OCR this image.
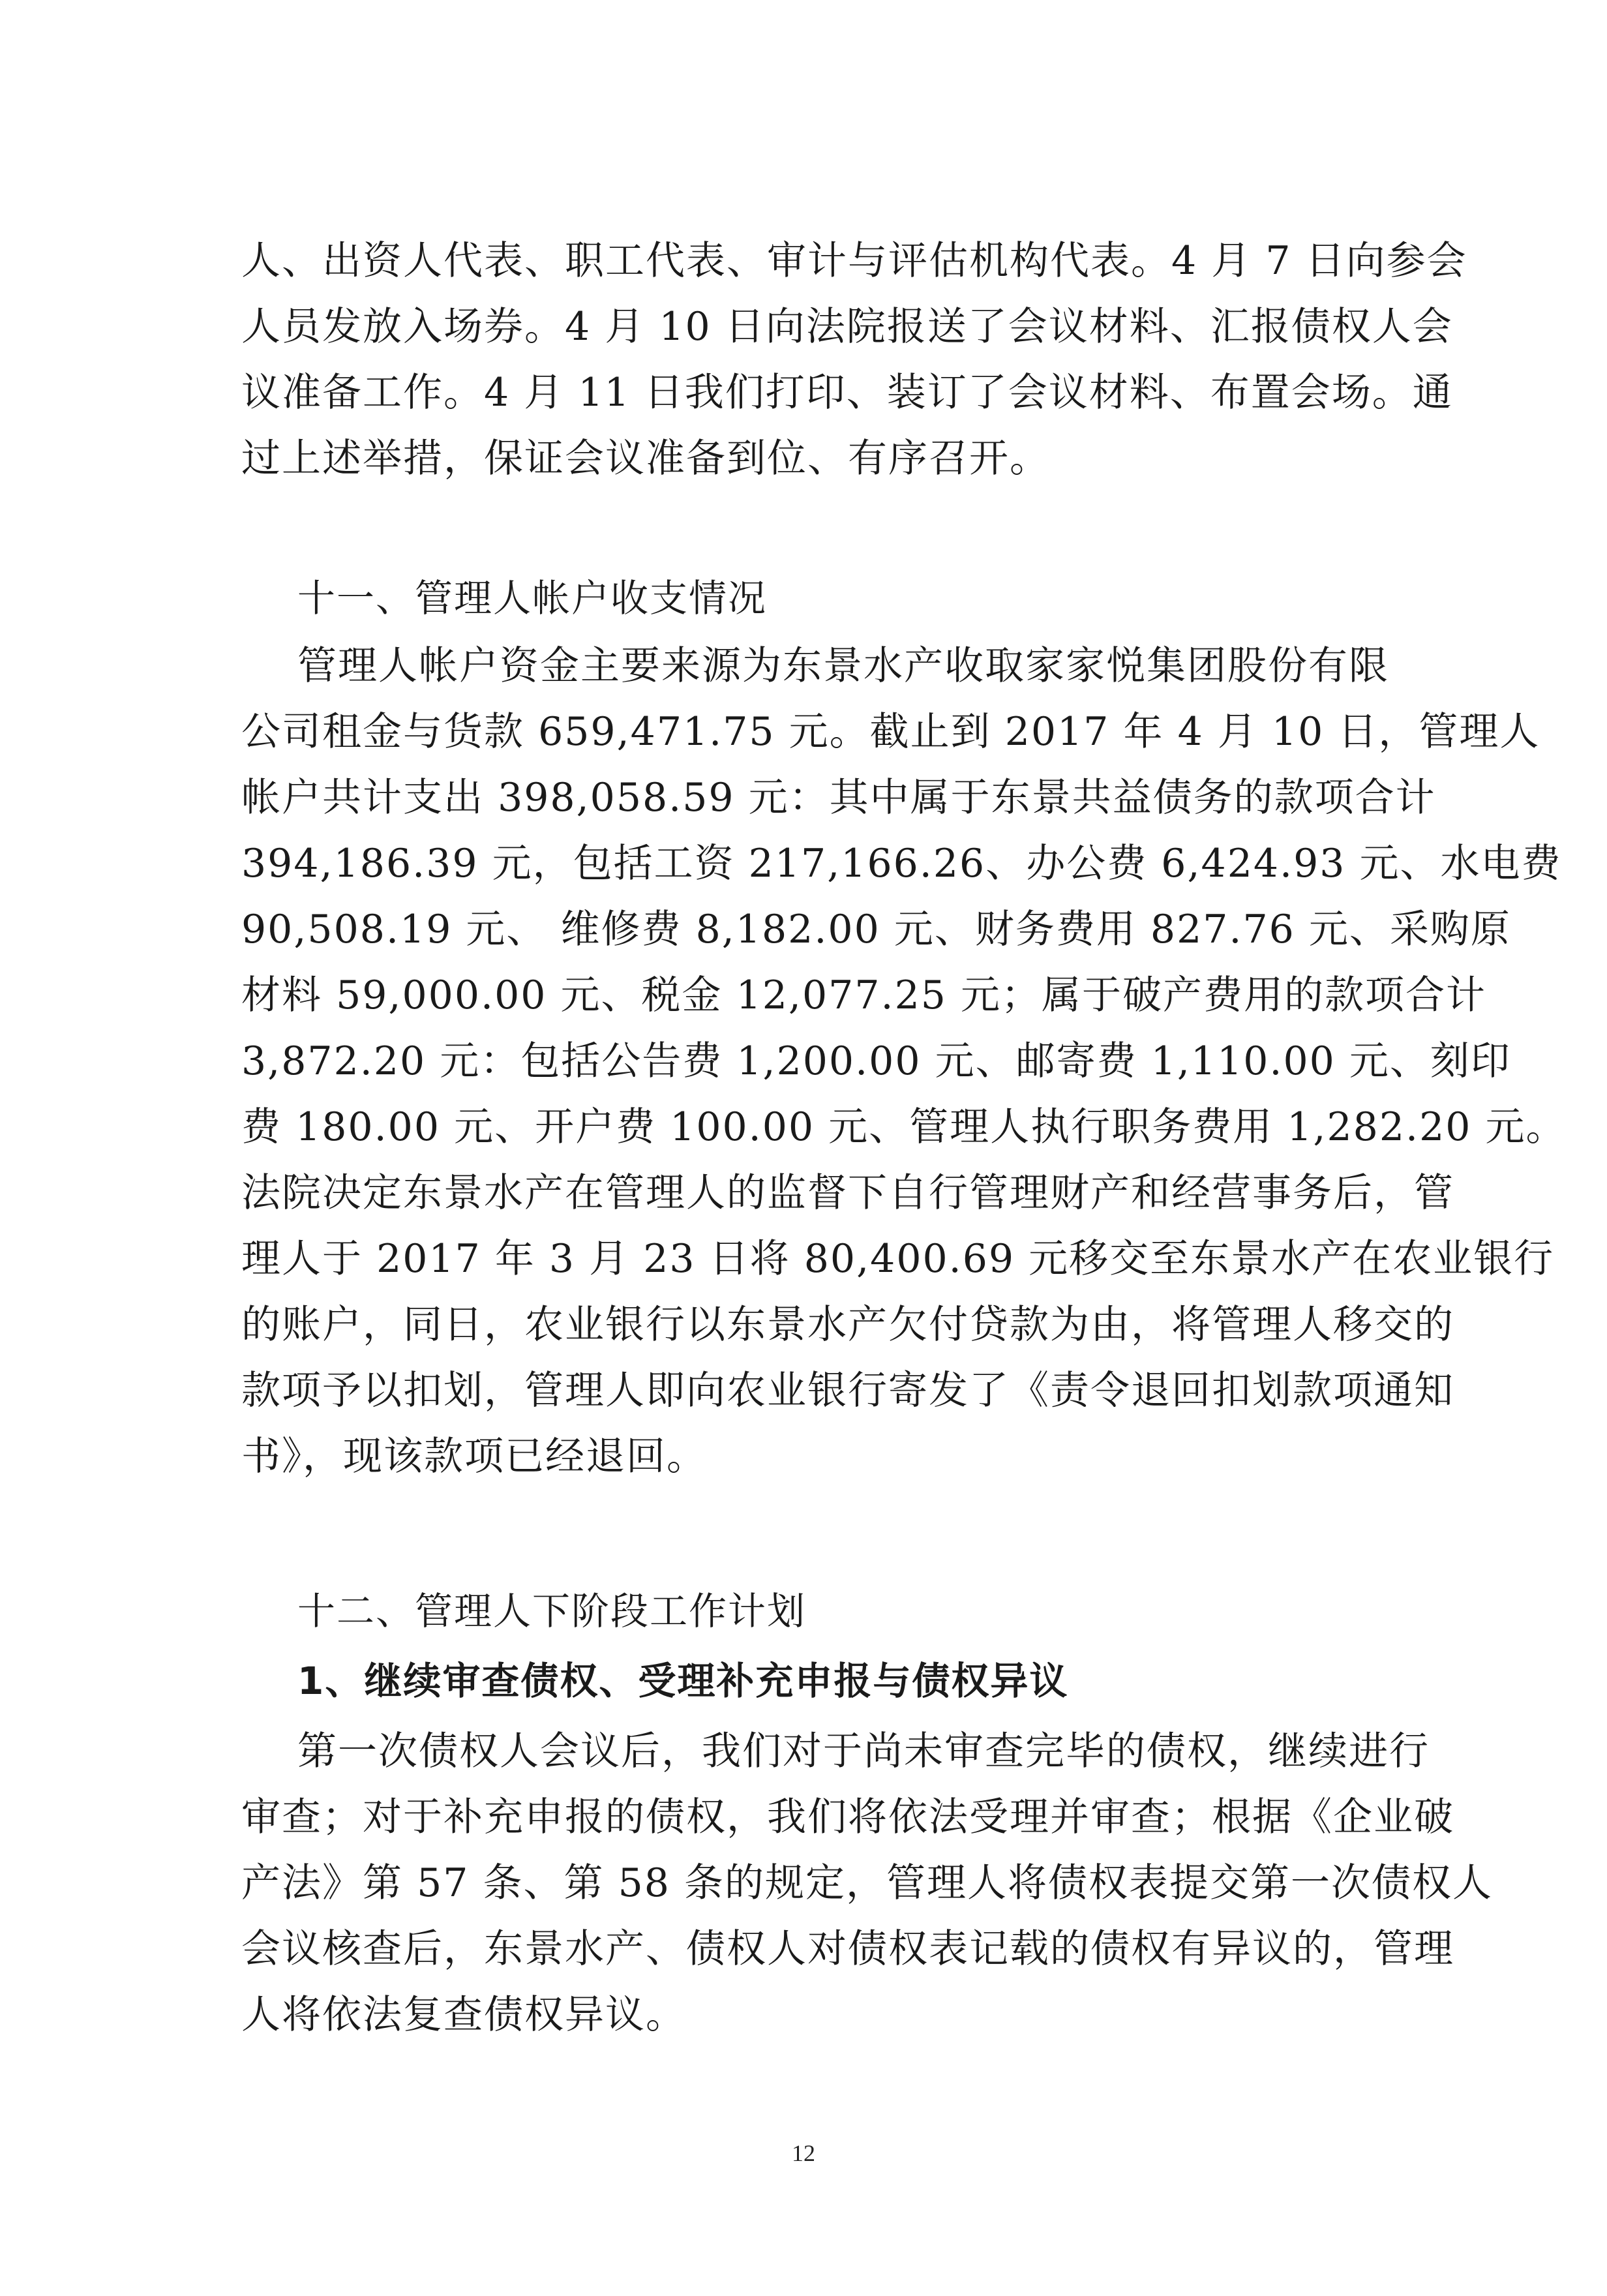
人、出资人代表、职工代表、审计与评估机构代表。4 月 7 日向参会
人员发放入场券。4 月 10 日向法院报送了会议材料、汇报债权人会
议准备工作。4 月 11 日我们打印、装订了会议材料、布置会场。通
过上述举措，保证会议准备到位、有序召开。
十一、管理人帐户收支情况
管理人帐户资金主要来源为东景水产收取家家悦集团股份有限
公司租金与货款 659,471.75 元。截止到 2017 年 4 月 10 日，管理人
帐户共计支出 398,058.59 元：其中属于东景共益债务的款项合计
394,186.39 元，包括工资 217,166.26、办公费 6,424.93 元、水电费
90,508.19 元、 维修费 8,182.00 元、财务费用 827.76 元、采购原
材料 59,000.00 元、税金 12,077.25 元；属于破产费用的款项合计
3,872.20 元：包括公告费 1,200.00 元、邮寄费 1,110.00 元、刻印
费 180.00 元、开户费 100.00 元、管理人执行职务费用 1,282.20 元。
法院决定东景水产在管理人的监督下自行管理财产和经营事务后，管
理人于 2017 年 3 月 23 日将 80,400.69 元移交至东景水产在农业银行
的账户，同日，农业银行以东景水产欠付贷款为由，将管理人移交的
款项予以扣划，管理人即向农业银行寄发了《责令退回扣划款项通知
书》，现该款项已经退回。
十二、管理人下阶段工作计划
1、继续审查债权、受理补充申报与债权异议
第一次债权人会议后，我们对于尚未审查完毕的债权，继续进行
审查；对于补充申报的债权，我们将依法受理并审查；根据《企业破
产法》第 57 条、第 58 条的规定，管理人将债权表提交第一次债权人
会议核查后，东景水产、债权人对债权表记载的债权有异议的，管理
人将依法复查债权异议。
12
